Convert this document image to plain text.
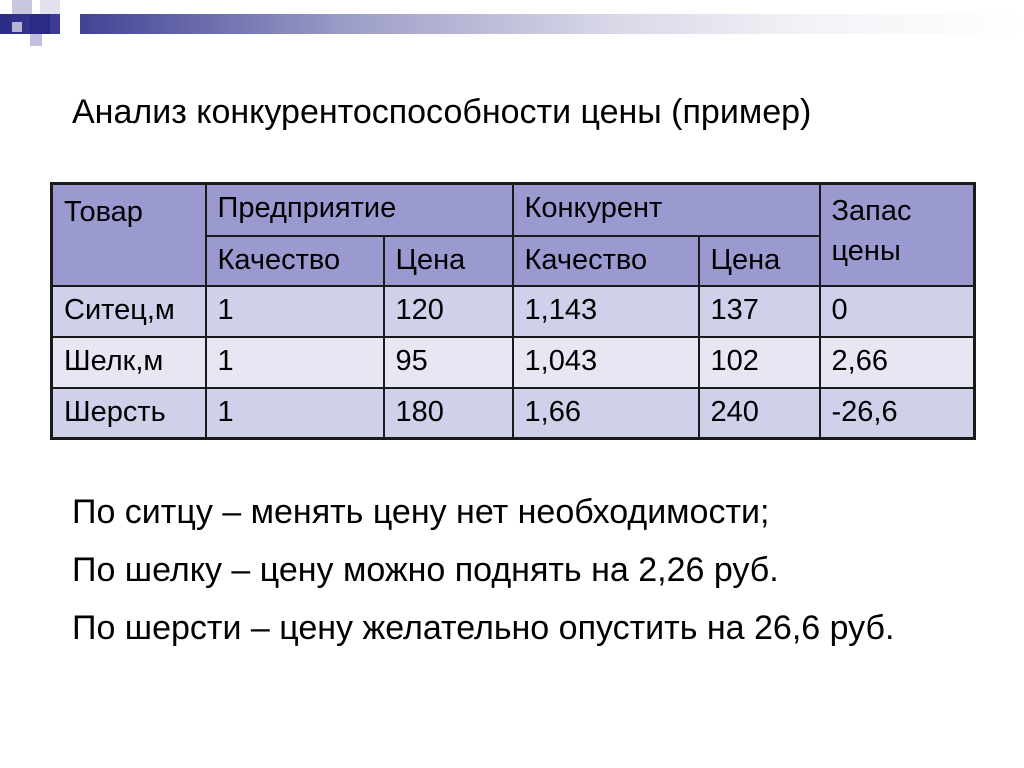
Анализ конкурентоспособности цены (пример)
Товар	Предприятие		Конкурент		Запас цены
	Качество	Цена	Качество	Цена	
Ситец,м	1	120	1,143	137	0
Шелк,м	1	95	1,043	102	2,66
Шерсть	1	180	1,66	240	-26,6

По ситцу – менять цену нет необходимости;

По шелку – цену можно поднять на 2,26 руб.

По шерсти – цену желательно опустить на 26,6 руб.
